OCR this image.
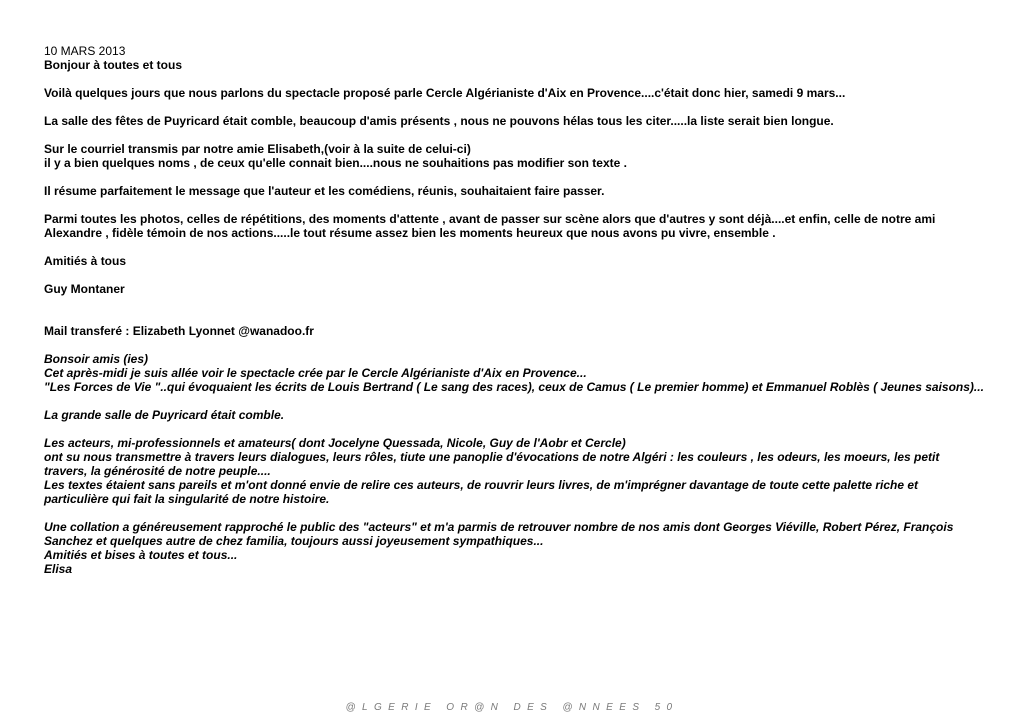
10 MARS 2013

Bonjour à toutes et tous

Voilà quelques jours que nous parlons du spectacle proposé parle Cercle Algérianiste d'Aix en Provence....c'était donc hier, samedi 9 mars...

La salle des fêtes de Puyricard était comble, beaucoup d'amis présents , nous ne pouvons hélas tous les citer.....la liste serait bien longue.

Sur le courriel transmis par notre amie Elisabeth,(voir à la suite de celui-ci)

il y a bien quelques noms , de ceux qu'elle connait bien....nous ne souhaitions pas modifier son texte .

Il résume parfaitement le message que l'auteur et les comédiens, réunis, souhaitaient faire passer.

Parmi toutes les photos, celles de répétitions, des moments d'attente , avant de passer sur scène alors que d'autres y sont déjà....et enfin, celle de notre ami Alexandre , fidèle témoin de nos actions.....le tout résume assez bien les moments heureux que nous avons pu vivre, ensemble .

Amitiés à tous

Guy Montaner

Mail transferé : Elizabeth Lyonnet @wanadoo.fr

Bonsoir amis (ies)

Cet après-midi je suis allée voir le spectacle crée par le Cercle Algérianiste d'Aix en Provence...

"Les Forces de Vie "..qui évoquaient les écrits de Louis Bertrand ( Le sang des races), ceux de Camus ( Le premier homme) et Emmanuel Roblès ( Jeunes saisons)...

La grande salle de Puyricard était comble.

Les acteurs, mi-professionnels et amateurs( dont Jocelyne Quessada, Nicole, Guy de l'Aobr et Cercle)

ont su nous transmettre à travers leurs dialogues, leurs rôles, tiute une panoplie d'évocations de notre Algéri : les couleurs , les odeurs, les moeurs, les petit travers, la générosité de notre peuple....

Les textes étaient sans pareils et m'ont donné envie de relire ces auteurs, de rouvrir leurs livres, de m'imprégner davantage de toute cette palette riche et particulière qui fait la singularité de notre histoire.

Une collation a généreusement rapproché le public des "acteurs" et m'a parmis de retrouver nombre de nos amis dont Georges Viéville, Robert Pérez, François Sanchez et quelques autre de chez familia, toujours aussi joyeusement sympathiques...

Amitiés et bises à toutes et tous...

Elisa

@LGERIE OR@N DES @NNEES 50
